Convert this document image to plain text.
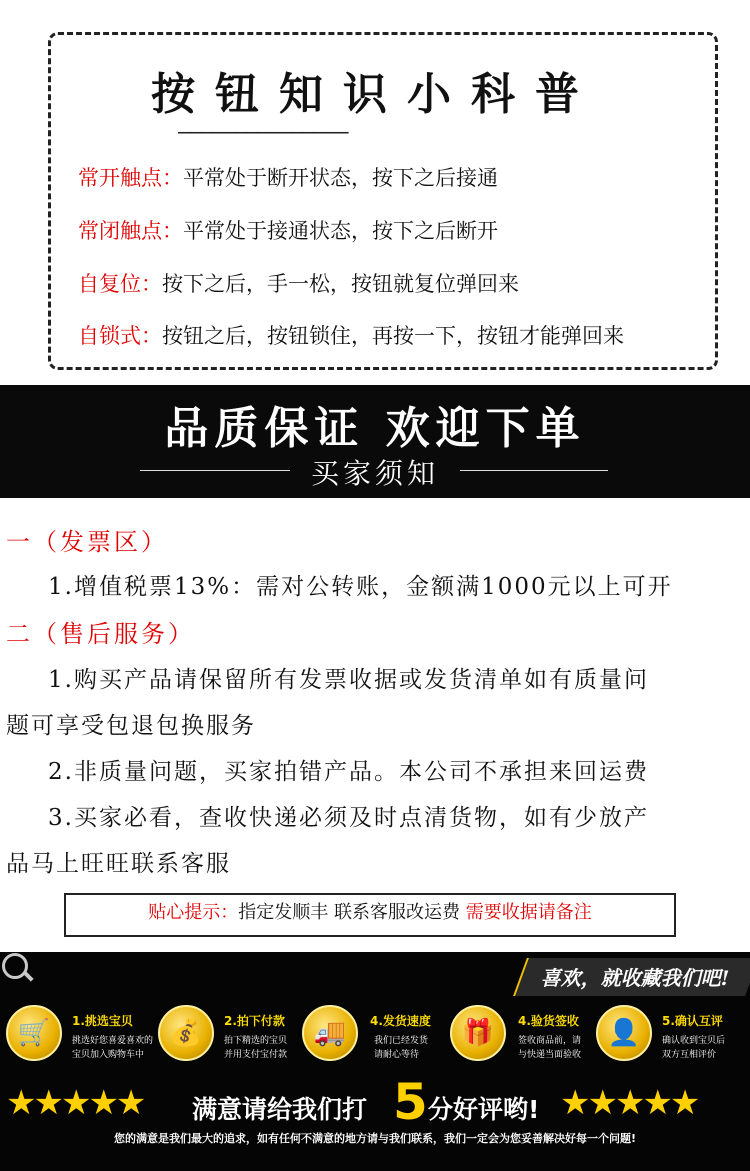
按钮知识小科普
———————————————
常开触点：平常处于断开状态，按下之后接通
常闭触点：平常处于接通状态，按下之后断开
自复位：按下之后，手一松，按钮就复位弹回来
自锁式：按钮之后，按钮锁住，再按一下，按钮才能弹回来
品质保证 欢迎下单
买家须知
一（发票区）
1.增值税票13%：需对公转账，金额满1000元以上可开
二（售后服务）
1.购买产品请保留所有发票收据或发货清单如有质量问
题可享受包退包换服务
2.非质量问题，买家拍错产品。本公司不承担来回运费
3.买家必看，查收快递必须及时点清货物，如有少放产
品马上旺旺联系客服
贴心提示：指定发顺丰 联系客服改运费 需要收据请备注
喜欢，就收藏我们吧!
🛒	1.挑选宝贝
挑选好您喜爱喜欢的
宝贝加入购物车中
💰	2.拍下付款
拍下精选的宝贝
并用支付宝付款
🚚	4.发货速度
我们已经发货
请耐心等待
🎁	4.验货签收
签收商品前，请
与快递当面验收
👤	5.确认互评
确认收到宝贝后
双方互相评价
★★★★★ 满意请给我们打 5 分好评哟! ★★★★★
您的满意是我们最大的追求，如有任何不满意的地方请与我们联系，我们一定会为您妥善解决好每一个问题!
